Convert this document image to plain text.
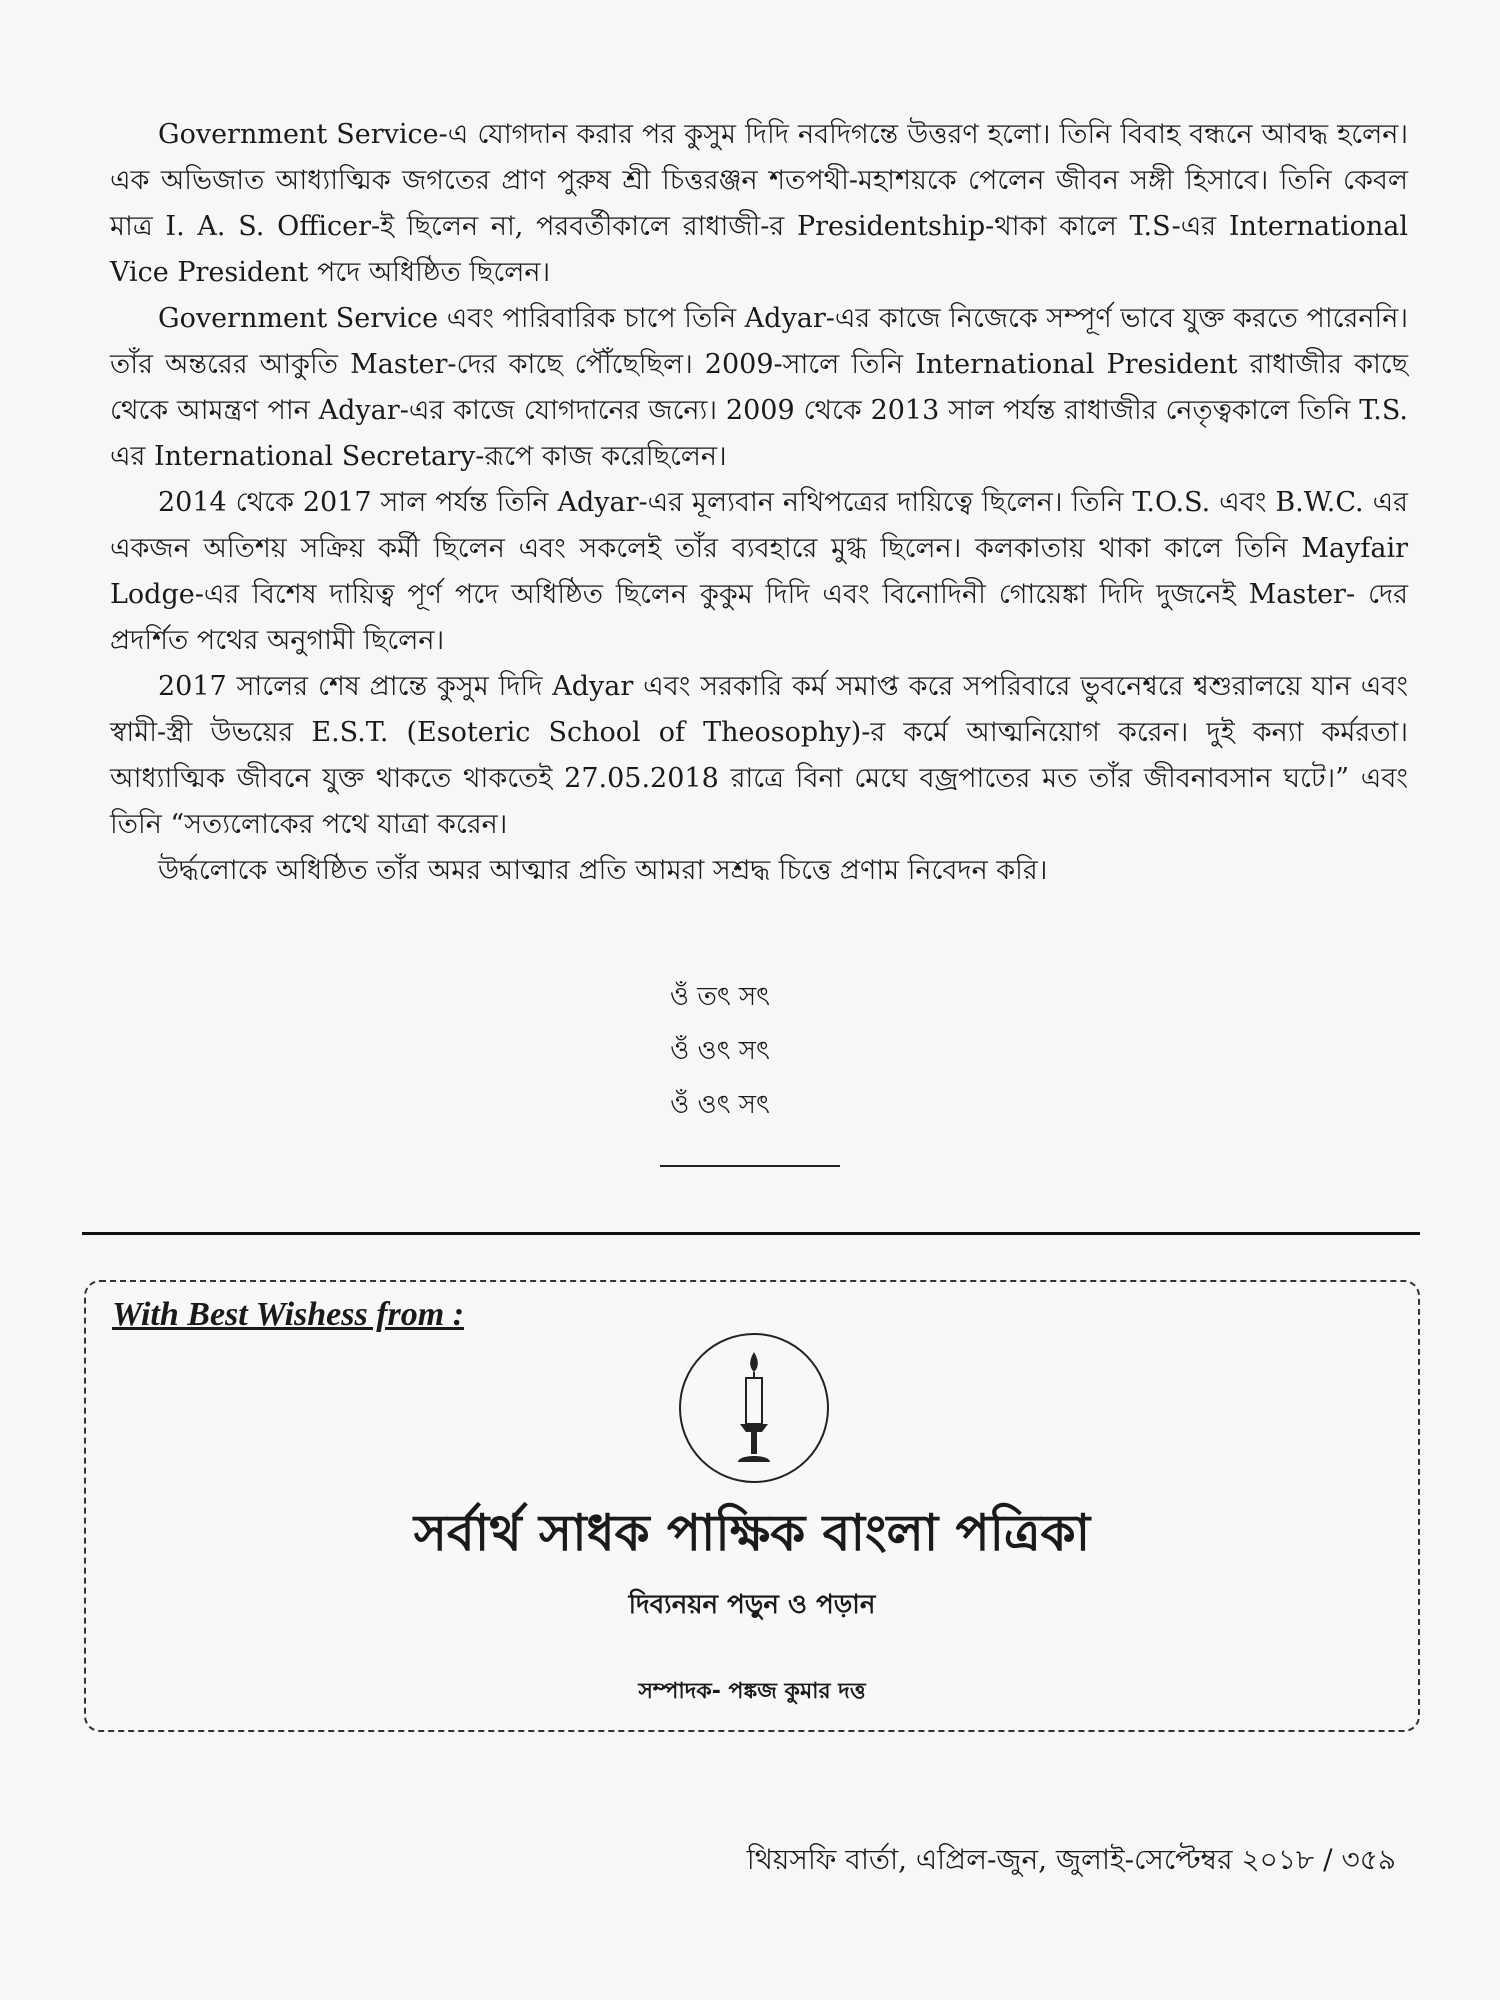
Government Service-এ যোগদান করার পর কুসুম দিদি নবদিগন্তে উত্তরণ হলো। তিনি বিবাহ বন্ধনে আবদ্ধ হলেন। এক অভিজাত আধ্যাত্মিক জগতের প্রাণ পুরুষ শ্রী চিত্তরঞ্জন শতপথী-মহাশয়কে পেলেন জীবন সঙ্গী হিসাবে। তিনি কেবল মাত্র I. A. S. Officer-ই ছিলেন না, পরবর্তীকালে রাধাজী-র Presidentship-থাকা কালে T.S-এর International Vice President পদে অধিষ্ঠিত ছিলেন।

Government Service এবং পারিবারিক চাপে তিনি Adyar-এর কাজে নিজেকে সম্পূর্ণ ভাবে যুক্ত করতে পারেননি। তাঁর অন্তরের আকুতি Master-দের কাছে পৌঁছেছিল। 2009-সালে তিনি International President রাধাজীর কাছে থেকে আমন্ত্রণ পান Adyar-এর কাজে যোগদানের জন্যে। 2009 থেকে 2013 সাল পর্যন্ত রাধাজীর নেতৃত্বকালে তিনি T.S. এর International Secretary-রূপে কাজ করেছিলেন।

2014 থেকে 2017 সাল পর্যন্ত তিনি Adyar-এর মূল্যবান নথিপত্রের দায়িত্বে ছিলেন। তিনি T.O.S. এবং B.W.C. এর একজন অতিশয় সক্রিয় কর্মী ছিলেন এবং সকলেই তাঁর ব্যবহারে মুগ্ধ ছিলেন। কলকাতায় থাকা কালে তিনি Mayfair Lodge-এর বিশেষ দায়িত্ব পূর্ণ পদে অধিষ্ঠিত ছিলেন কুকুম দিদি এবং বিনোদিনী গোয়েঙ্কা দিদি দুজনেই Master- দের প্রদর্শিত পথের অনুগামী ছিলেন।

2017 সালের শেষ প্রান্তে কুসুম দিদি Adyar এবং সরকারি কর্ম সমাপ্ত করে সপরিবারে ভুবনেশ্বরে শ্বশুরালয়ে যান এবং স্বামী-স্ত্রী উভয়ের E.S.T. (Esoteric School of Theosophy)-র কর্মে আত্মনিয়োগ করেন। দুই কন্যা কর্মরতা। আধ্যাত্মিক জীবনে যুক্ত থাকতে থাকতেই 27.05.2018 রাত্রে বিনা মেঘে বজ্রপাতের মত তাঁর জীবনাবসান ঘটে।” এবং তিনি “সত্যলোকের পথে যাত্রা করেন।

উর্দ্ধলোকে অধিষ্ঠিত তাঁর অমর আত্মার প্রতি আমরা সশ্রদ্ধ চিত্তে প্রণাম নিবেদন করি।

ওঁ তৎ সৎ
ওঁ ওৎ সৎ
ওঁ ওৎ সৎ
With Best Wishess from :
সর্বার্থ সাধক পাক্ষিক বাংলা পত্রিকা
দিব্যনয়ন পড়ুন ও পড়ান
সম্পাদক- পঙ্কজ কুমার দত্ত
থিয়সফি বার্তা, এপ্রিল-জুন, জুলাই-সেপ্টেম্বর ২০১৮ / ৩৫৯
